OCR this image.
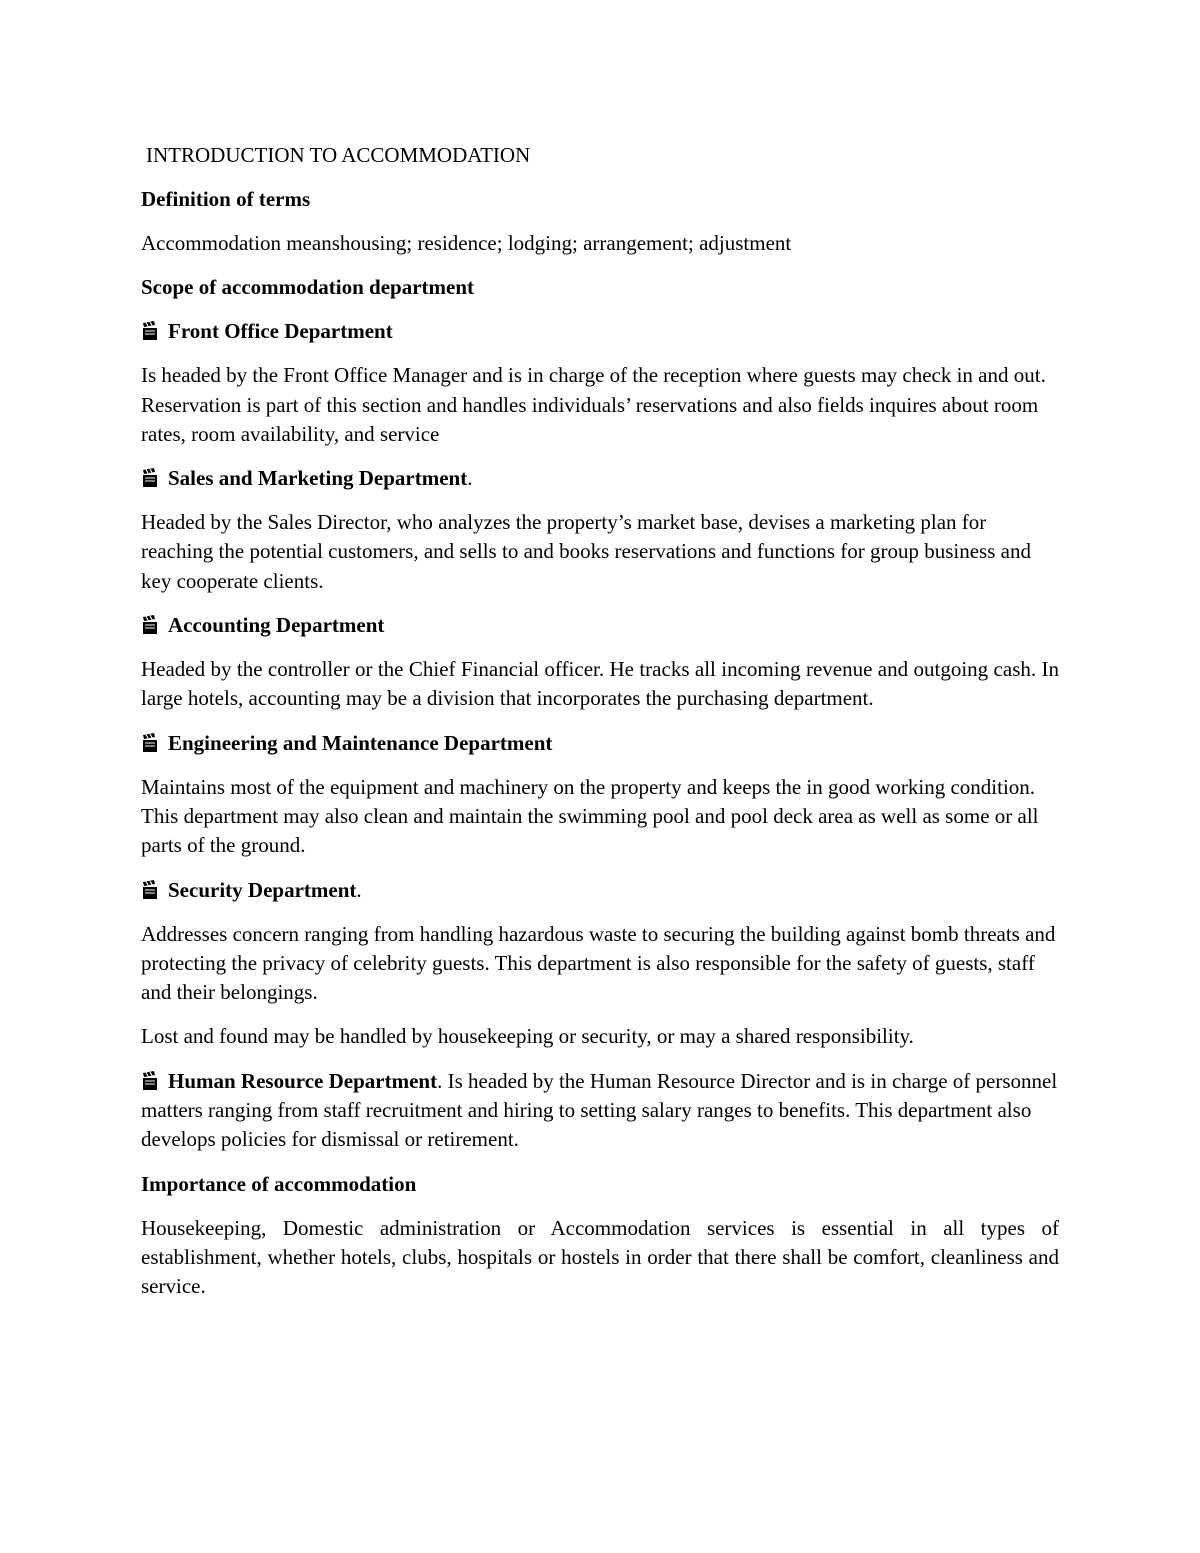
INTRODUCTION TO ACCOMMODATION
Definition of terms
Accommodation meanshousing; residence; lodging; arrangement; adjustment
Scope of accommodation department
Front Office Department
Is headed by the Front Office Manager and is in charge of the reception where guests may check in and out. Reservation is part of this section and handles individuals’ reservations and also fields inquires about room rates, room availability, and service
Sales and Marketing Department.
Headed by the Sales Director, who analyzes the property’s market base, devises a marketing plan for reaching the potential customers, and sells to and books reservations and functions for group business and key cooperate clients.
Accounting Department
Headed by the controller or the Chief Financial officer. He tracks all incoming revenue and outgoing cash. In large hotels, accounting may be a division that incorporates the purchasing department.
Engineering and Maintenance Department
Maintains most of the equipment and machinery on the property and keeps the in good working condition. This department may also clean and maintain the swimming pool and pool deck area as well as some or all parts of the ground.
Security Department.
Addresses concern ranging from handling hazardous waste to securing the building against bomb threats and protecting the privacy of celebrity guests. This department is also responsible for the safety of guests, staff and their belongings.
Lost and found may be handled by housekeeping or security, or may a shared responsibility.
Human Resource Department. Is headed by the Human Resource Director and is in charge of personnel matters ranging from staff recruitment and hiring to setting salary ranges to benefits. This department also develops policies for dismissal or retirement.
Importance of accommodation
Housekeeping, Domestic administration or Accommodation services is essential in all types of establishment, whether hotels, clubs, hospitals or hostels in order that there shall be comfort, cleanliness and service.
